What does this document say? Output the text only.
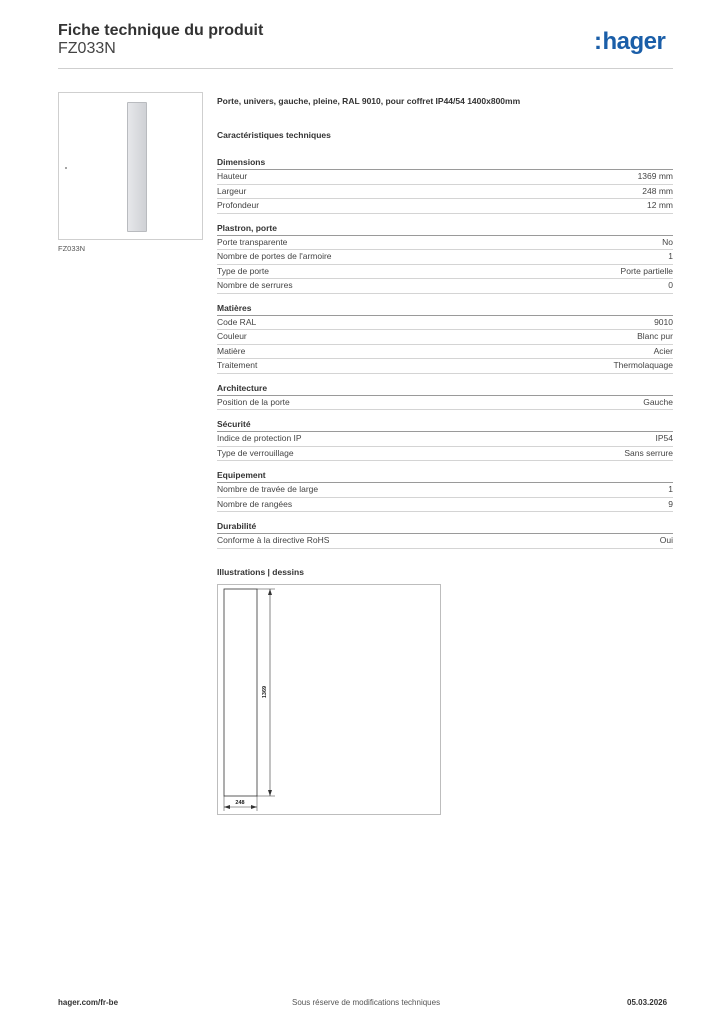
Fiche technique du produit
FZ033N	:hager
FZ033N
Porte, univers, gauche, pleine, RAL 9010, pour coffret IP44/54 1400x800mm
Caractéristiques techniques
Dimensions
Hauteur	1369 mm
Largeur	248 mm
Profondeur	12 mm
Plastron, porte
Porte transparente	No
Nombre de portes de l'armoire	1
Type de porte	Porte partielle
Nombre de serrures	0
Matières
Code RAL	9010
Couleur	Blanc pur
Matière	Acier
Traitement	Thermolaquage
Architecture
Position de la porte	Gauche
Sécurité
Indice de protection IP	IP54
Type de verrouillage	Sans serrure
Equipement
Nombre de travée de large	1
Nombre de rangées	9
Durabilité
Conforme à la directive RoHS	Oui
Illustrations | dessins
1369
248
hager.com/fr-be	Sous réserve de modifications techniques	05.03.2026
